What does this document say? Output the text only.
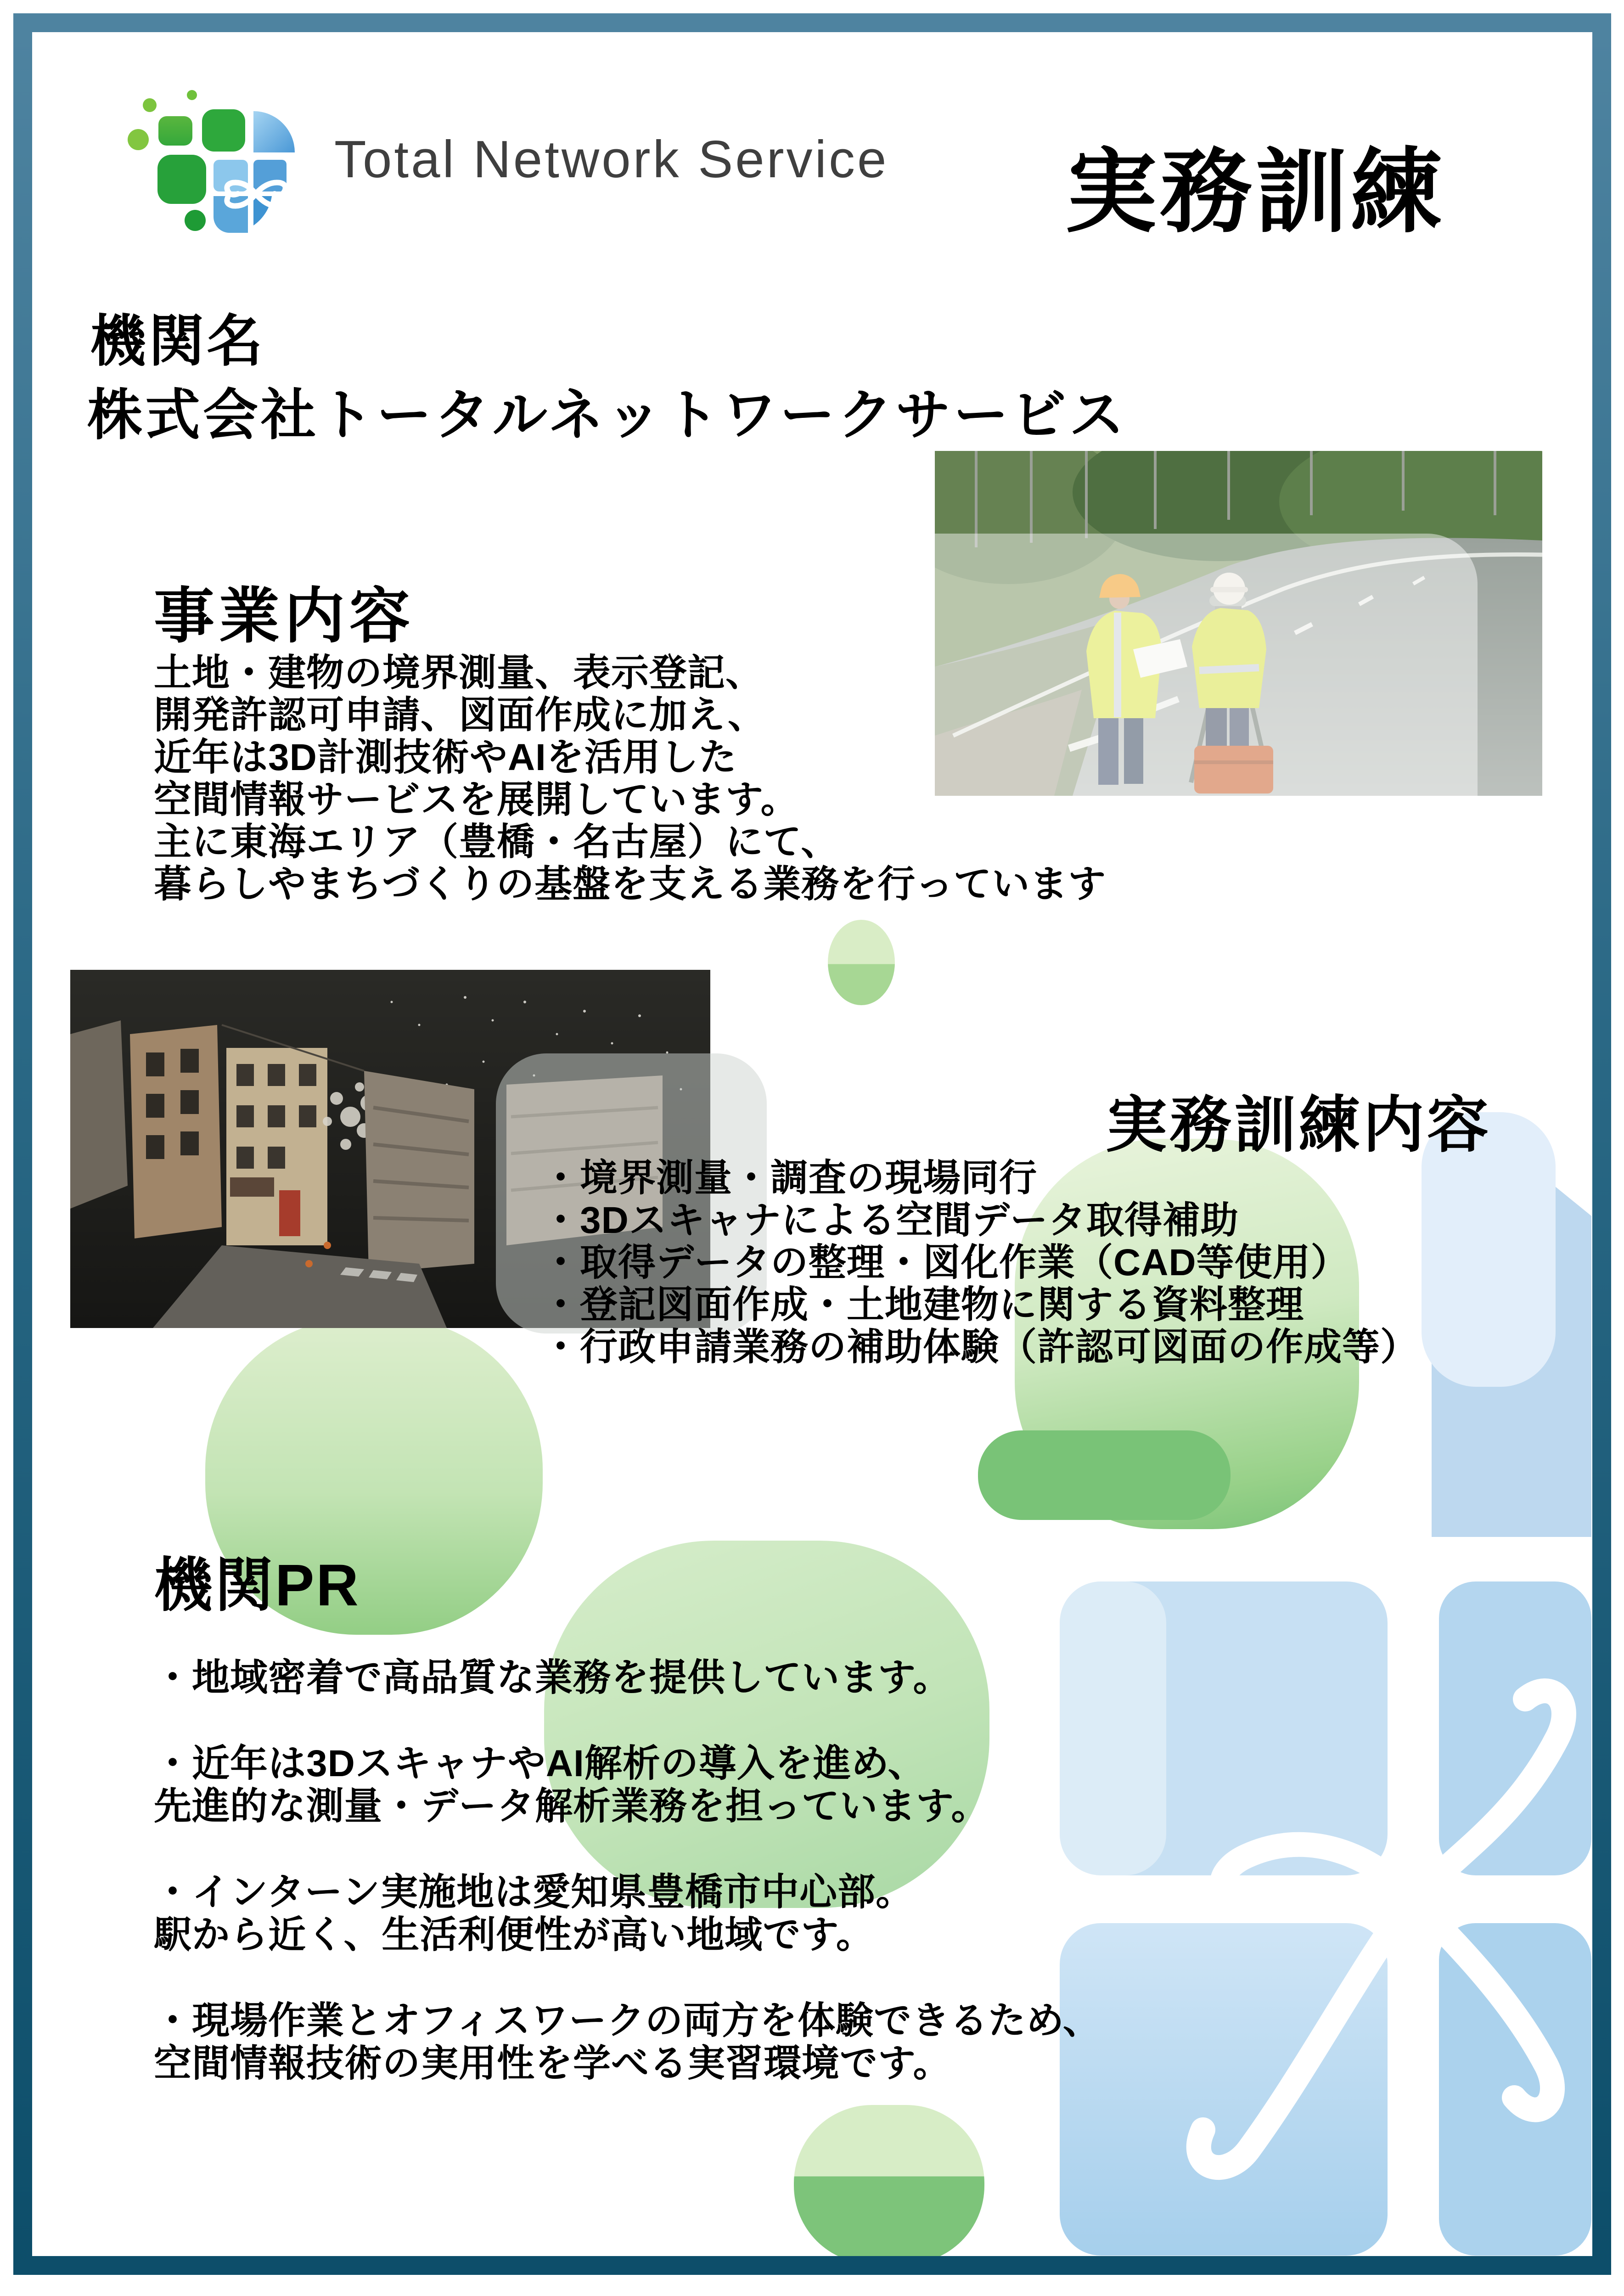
Total Network Service 実務訓練
機関名
株式会社トータルネットワークサービス
事業内容
土地・建物の境界測量、表示登記、
開発許認可申請、図面作成に加え、
近年は3D計測技術やAIを活用した
空間情報サービスを展開しています。
主に東海エリア（豊橋・名古屋）にて、
暮らしやまちづくりの基盤を支える業務を行っています
実務訓練内容
・境界測量・調査の現場同行
・3Dスキャナによる空間データ取得補助
・取得データの整理・図化作業（CAD等使用）
・登記図面作成・土地建物に関する資料整理
・行政申請業務の補助体験（許認可図面の作成等）
機関PR
・地域密着で高品質な業務を提供しています。
・近年は3DスキャナやAI解析の導入を進め、
先進的な測量・データ解析業務を担っています。
・インターン実施地は愛知県豊橋市中心部。
駅から近く、生活利便性が高い地域です。
・現場作業とオフィスワークの両方を体験できるため、
空間情報技術の実用性を学べる実習環境です。
